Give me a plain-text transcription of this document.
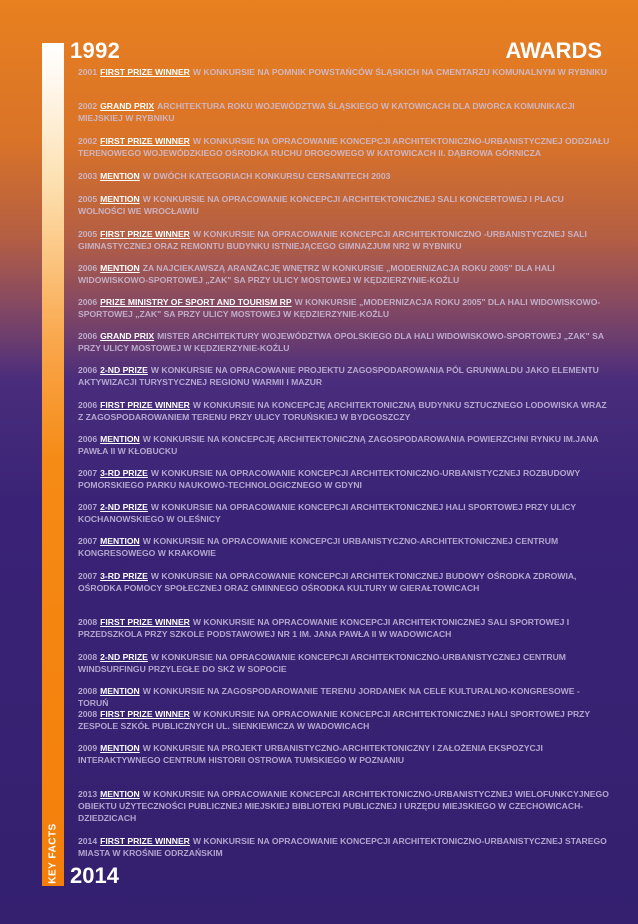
KEY FACTS
1992	AWARDS
2014
2001 FIRST PRIZE WINNER W KONKURSIE NA POMNIK POWSTAŃCÓW ŚLĄSKICH NA CMENTARZU KOMUNALNYM W RYBNIKU
2002 GRAND PRIX ARCHITEKTURA ROKU WOJEWÓDZTWA ŚLĄSKIEGO W KATOWICACH DLA DWORCA KOMUNIKACJI MIEJSKIEJ W RYBNIKU
2002 FIRST PRIZE WINNER W KONKURSIE NA OPRACOWANIE KONCEPCJI ARCHITEKTONICZNO-URBANISTYCZNEJ ODDZIAŁU TERENOWEGO WOJEWÓDZKIEGO OŚRODKA RUCHU DROGOWEGO W KATOWICACH II. DĄBROWA GÓRNICZA
2003 MENTION W DWÓCH KATEGORIACH KONKURSU CERSANITECH 2003
2005 MENTION W KONKURSIE NA OPRACOWANIE KONCEPCJI ARCHITEKTONICZNEJ SALI KONCERTOWEJ I PLACU WOLNOŚCI WE WROCŁAWIU
2005 FIRST PRIZE WINNER W KONKURSIE NA OPRACOWANIE KONCEPCJI ARCHITEKTONICZNO -URBANISTYCZNEJ SALI GIMNASTYCZNEJ ORAZ REMONTU BUDYNKU ISTNIEJĄCEGO GIMNAZJUM NR2 W RYBNIKU
2006 MENTION ZA NAJCIEKAWSZĄ ARANŻACJĘ WNĘTRZ W KONKURSIE „MODERNIZACJA ROKU 2005" DLA HALI WIDOWISKOWO-SPORTOWEJ „ZAK" SA PRZY ULICY MOSTOWEJ W KĘDZIERZYNIE-KOŹLU
2006 PRIZE MINISTRY OF SPORT AND TOURISM RP W KONKURSIE „MODERNIZACJA ROKU 2005" DLA HALI WIDOWISKOWO-SPORTOWEJ „ZAK" SA PRZY ULICY MOSTOWEJ W KĘDZIERZYNIE-KOŹLU
2006 GRAND PRIX MISTER ARCHITEKTURY WOJEWÓDZTWA OPOLSKIEGO DLA HALI WIDOWISKOWO-SPORTOWEJ „ZAK" SA PRZY ULICY MOSTOWEJ W KĘDZIERZYNIE-KOŹLU
2006 2-ND PRIZE W KONKURSIE NA OPRACOWANIE PROJEKTU ZAGOSPODAROWANIA PÓL GRUNWALDU JAKO ELEMENTU AKTYWIZACJI TURYSTYCZNEJ REGIONU WARMII I MAZUR
2006 FIRST PRIZE WINNER W KONKURSIE NA KONCEPCJĘ ARCHITEKTONICZNĄ BUDYNKU SZTUCZNEGO LODOWISKA WRAZ Z ZAGOSPODAROWANIEM TERENU PRZY ULICY TORUŃSKIEJ W BYDGOSZCZY
2006 MENTION W KONKURSIE NA KONCEPCJĘ ARCHITEKTONICZNĄ ZAGOSPODAROWANIA POWIERZCHNI RYNKU IM.JANA PAWŁA II W KŁOBUCKU
2007 3-RD PRIZE W KONKURSIE NA OPRACOWANIE KONCEPCJI ARCHITEKTONICZNO-URBANISTYCZNEJ ROZBUDOWY POMORSKIEGO PARKU NAUKOWO-TECHNOLOGICZNEGO W GDYNI
2007 2-ND PRIZE W KONKURSIE NA OPRACOWANIE KONCEPCJI ARCHITEKTONICZNEJ HALI SPORTOWEJ PRZY ULICY KOCHANOWSKIEGO W OLEŚNICY
2007 MENTION W KONKURSIE NA OPRACOWANIE KONCEPCJI URBANISTYCZNO-ARCHITEKTONICZNEJ CENTRUM KONGRESOWEGO W KRAKOWIE
2007 3-RD PRIZE W KONKURSIE NA OPRACOWANIE KONCEPCJI ARCHITEKTONICZNEJ BUDOWY OŚRODKA ZDROWIA, OŚRODKA POMOCY SPOŁECZNEJ ORAZ GMINNEGO OŚRODKA KULTURY W GIERAŁTOWICACH
2008 FIRST PRIZE WINNER W KONKURSIE NA OPRACOWANIE KONCEPCJI ARCHITEKTONICZNEJ SALI SPORTOWEJ I PRZEDSZKOLA PRZY SZKOLE PODSTAWOWEJ NR 1 IM. JANA PAWŁA II W WADOWICACH
2008 2-ND PRIZE W KONKURSIE NA OPRACOWANIE KONCEPCJI ARCHITEKTONICZNO-URBANISTYCZNEJ CENTRUM WINDSURFINGU PRZYLEGŁE DO SKŻ W SOPOCIE
2008 MENTION W KONKURSIE NA ZAGOSPODAROWANIE TERENU JORDANEK NA CELE KULTURALNO-KONGRESOWE - TORUŃ
2008 FIRST PRIZE WINNER W KONKURSIE NA OPRACOWANIE KONCEPCJI ARCHITEKTONICZNEJ HALI SPORTOWEJ PRZY ZESPOLE SZKÓŁ PUBLICZNYCH UL. SIENKIEWICZA W WADOWICACH
2009 MENTION W KONKURSIE NA PROJEKT URBANISTYCZNO-ARCHITEKTONICZNY I ZAŁOŻENIA EKSPOZYCJI INTERAKTYWNEGO CENTRUM HISTORII OSTROWA TUMSKIEGO W POZNANIU
2013 MENTION W KONKURSIE NA OPRACOWANIE KONCEPCJI ARCHITEKTONICZNO-URBANISTYCZNEJ WIELOFUNKCYJNEGO OBIEKTU UŻYTECZNOŚCI PUBLICZNEJ MIEJSKIEJ BIBLIOTEKI PUBLICZNEJ I URZĘDU MIEJSKIEGO W CZECHOWICACH-DZIEDZICACH
2014 FIRST PRIZE WINNER W KONKURSIE NA OPRACOWANIE KONCEPCJI ARCHITEKTONICZNO-URBANISTYCZNEJ STAREGO MIASTA W KROŚNIE ODRZAŃSKIM
